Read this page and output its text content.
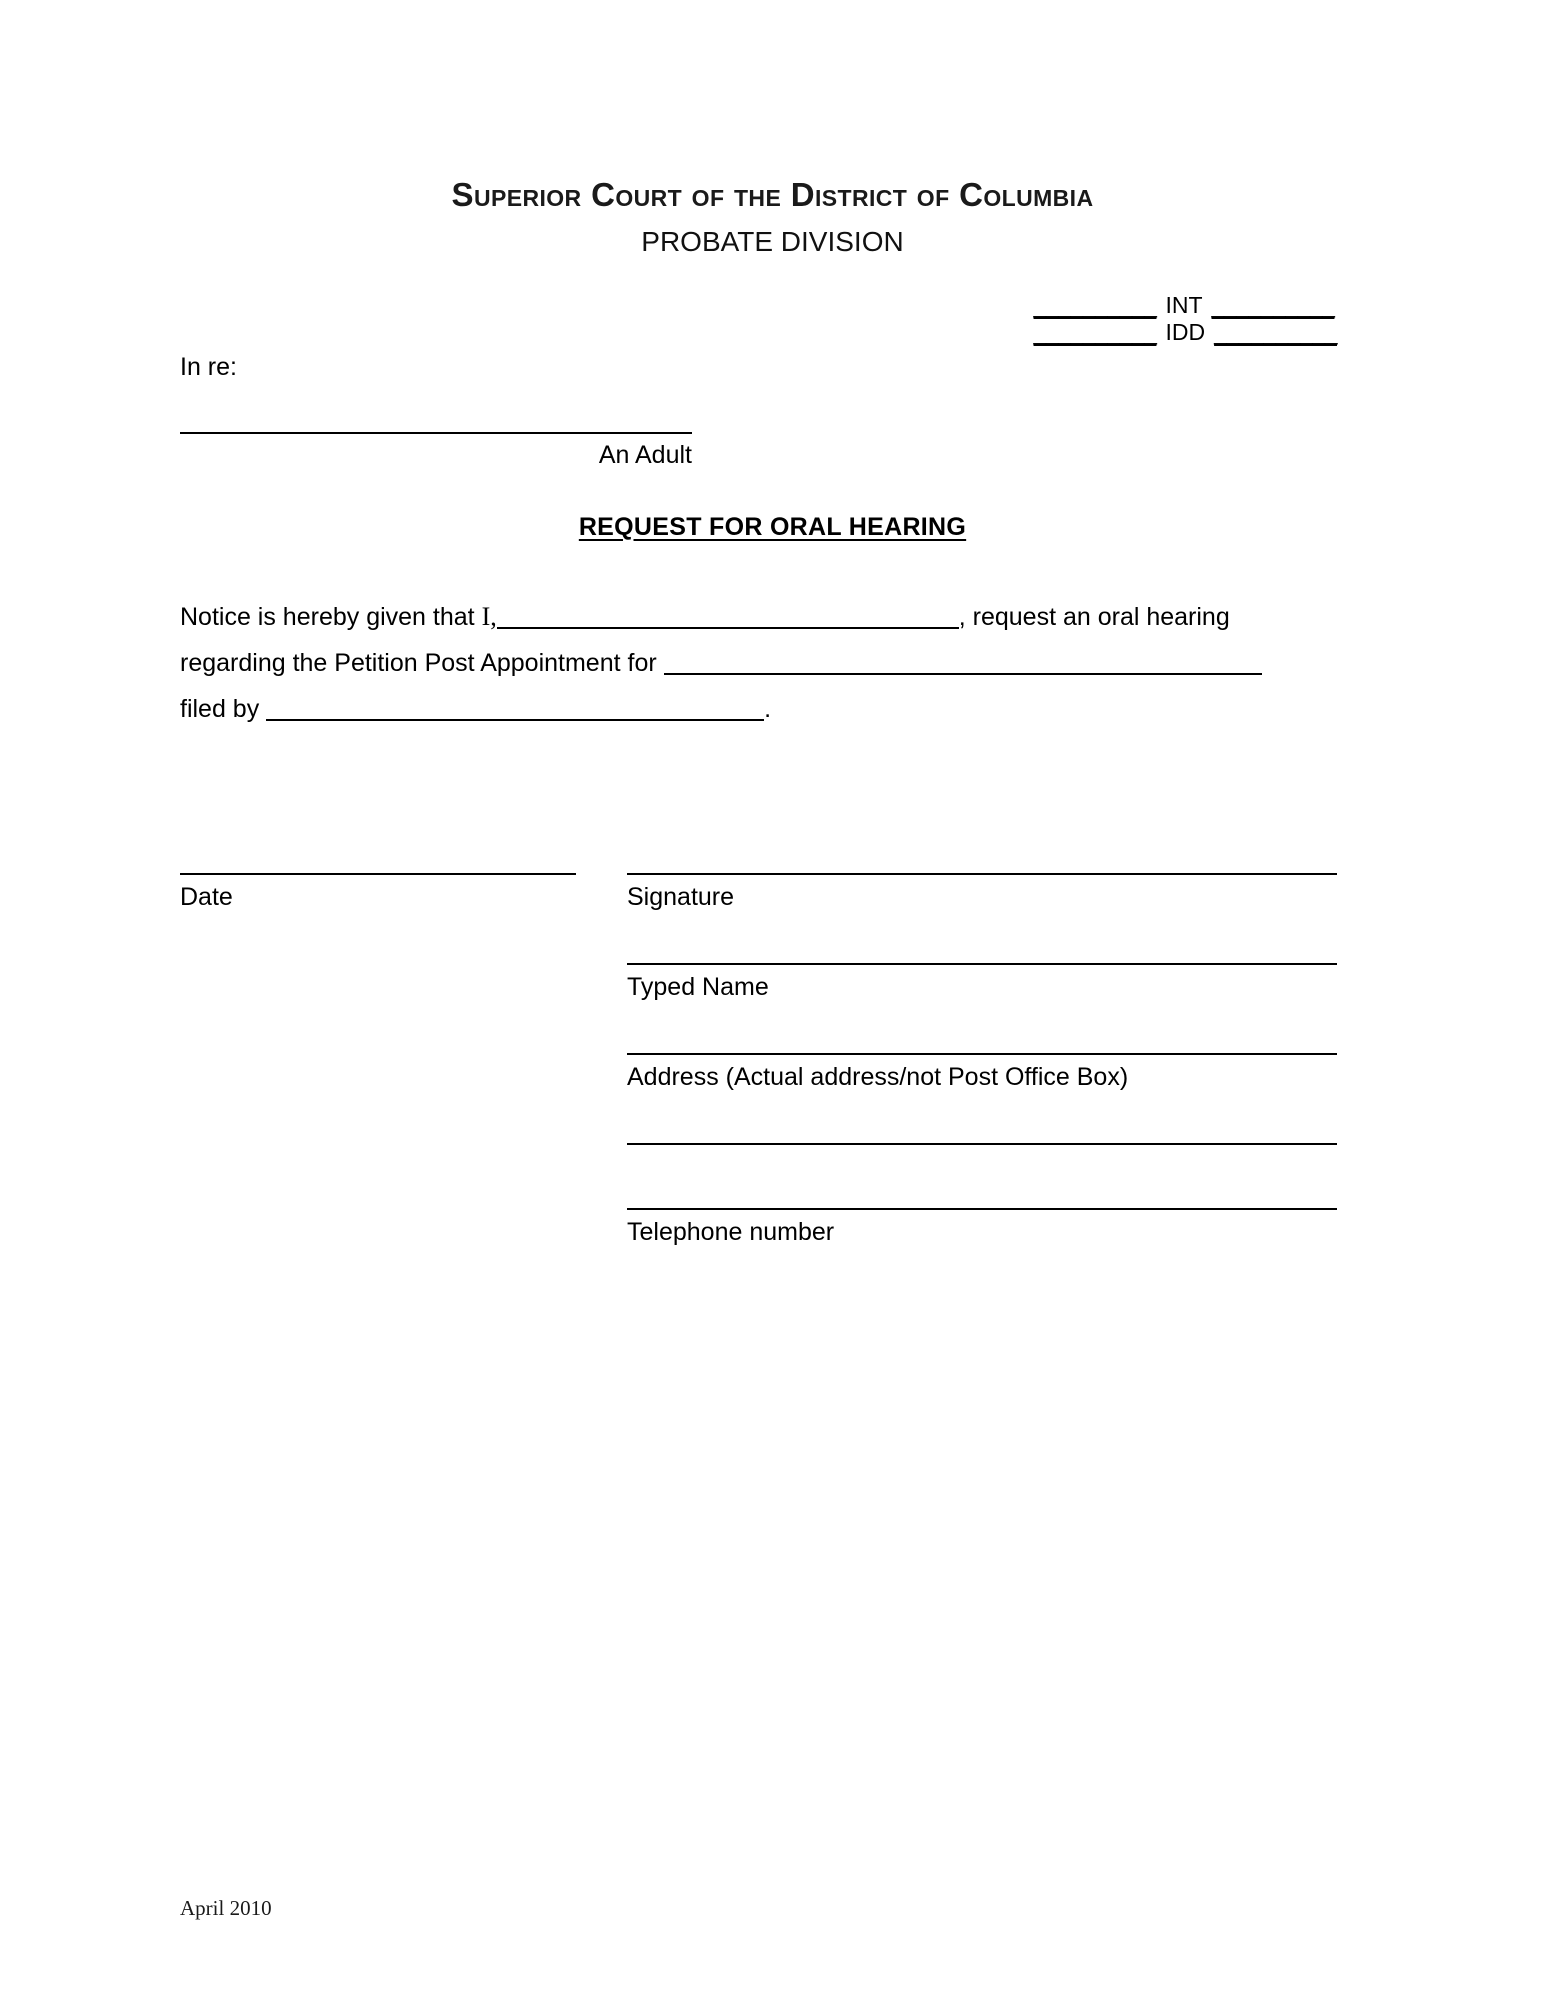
Superior Court of the District of Columbia
PROBATE DIVISION
__________ INT __________
__________ IDD __________
In re:
An Adult
REQUEST FOR ORAL HEARING
Notice is hereby given that I,	, request an oral hearing
regarding the Petition Post Appointment for
filed by	.
Date	Signature
Typed Name
Address (Actual address/not Post Office Box)
Telephone number
April 2010
